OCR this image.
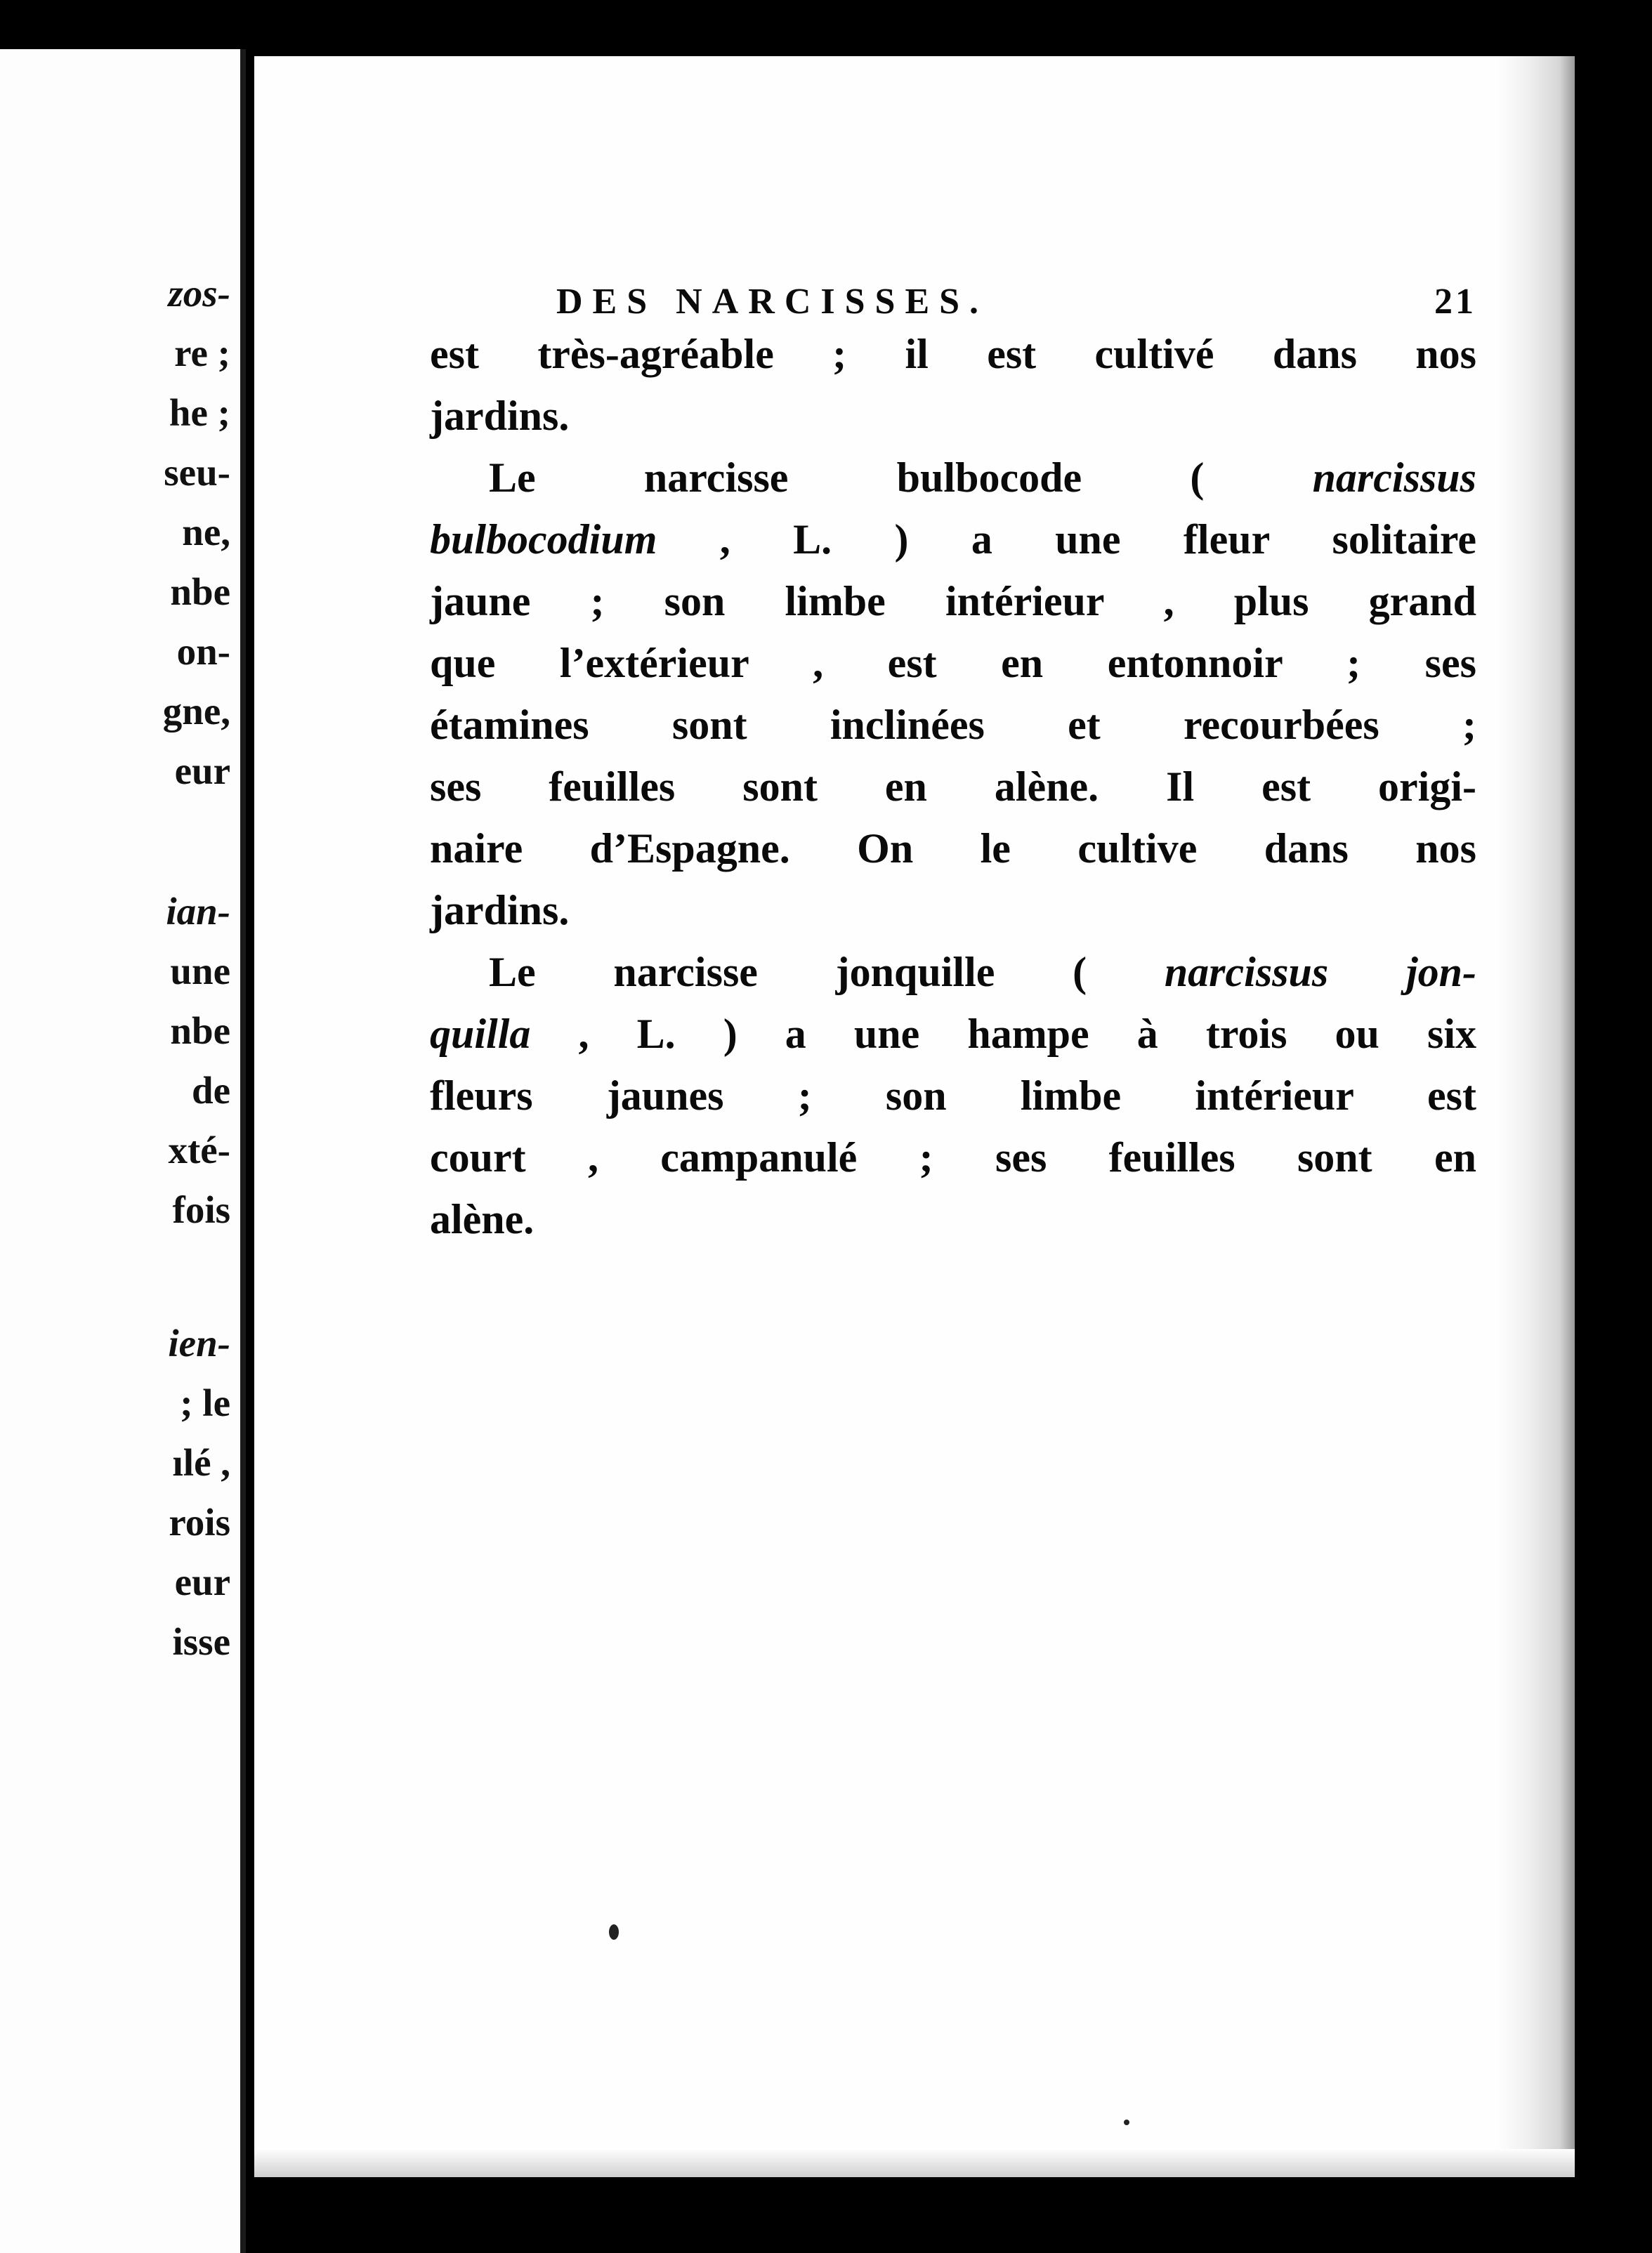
zos-
re ;
he ;
seu-
ne,
nbe
on-
gne,
eur
ian-
une
nbe
de
xté-
fois
ien-
; le
ılé ,
rois
eur
isse
DES NARCISSES.	21
est très-agréable ; il est cultivé dans nos
jardins.
Le narcisse bulbocode ( narcissus
bulbocodium , L. ) a une fleur solitaire
jaune ; son limbe intérieur , plus grand
que l’extérieur , est en entonnoir ; ses
étamines sont inclinées et recourbées ;
ses feuilles sont en alène. Il est origi-
naire d’Espagne. On le cultive dans nos
jardins.
Le narcisse jonquille ( narcissus jon-
quilla , L. ) a une hampe à trois ou six
fleurs jaunes ; son limbe intérieur est
court , campanulé ; ses feuilles sont en
alène.
